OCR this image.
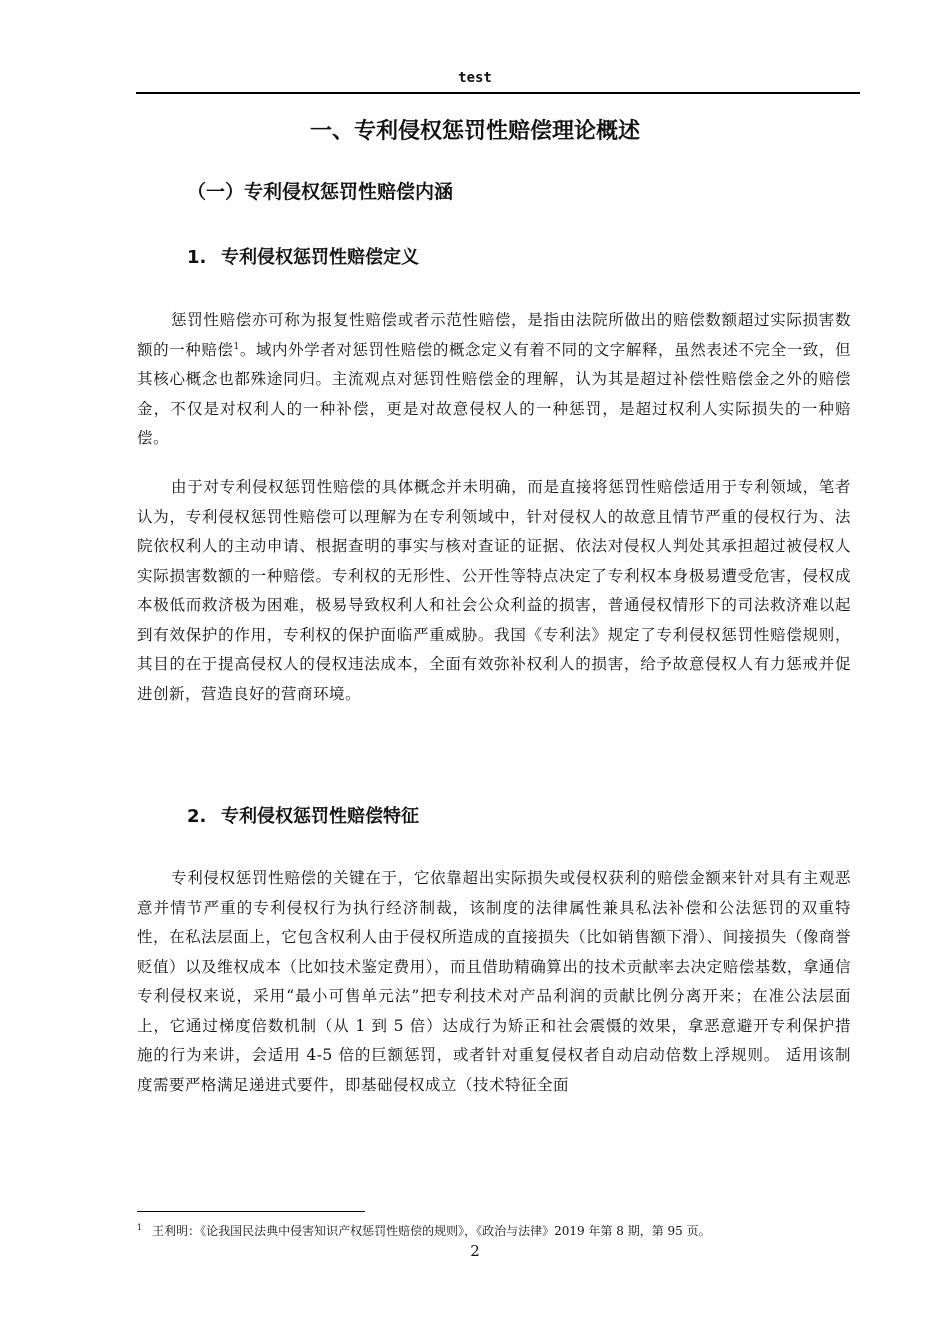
test
一、专利侵权惩罚性赔偿理论概述
（一）专利侵权惩罚性赔偿内涵
1. 专利侵权惩罚性赔偿定义

惩罚性赔偿亦可称为报复性赔偿或者示范性赔偿，是指由法院所做出的赔偿数额超过实际损害数额的一种赔偿$^1$。域内外学者对惩罚性赔偿的概念定义有着不同的文字解释，虽然表述不完全一致，但其核心概念也都殊途同归。主流观点对惩罚性赔偿金的理解，认为其是超过补偿性赔偿金之外的赔偿金，不仅是对权利人的一种补偿，更是对故意侵权人的一种惩罚，是超过权利人实际损失的一种赔偿。

由于对专利侵权惩罚性赔偿的具体概念并未明确，而是直接将惩罚性赔偿适用于专利领域，笔者认为，专利侵权惩罚性赔偿可以理解为在专利领域中，针对侵权人的故意且情节严重的侵权行为、法院依权利人的主动申请、根据查明的事实与核对查证的证据、依法对侵权人判处其承担超过被侵权人实际损害数额的一种赔偿。专利权的无形性、公开性等特点决定了专利权本身极易遭受危害，侵权成本极低而救济极为困难，极易导致权利人和社会公众利益的损害，普通侵权情形下的司法救济难以起到有效保护的作用，专利权的保护面临严重威胁。我国《专利法》规定了专利侵权惩罚性赔偿规则，其目的在于提高侵权人的侵权违法成本，全面有效弥补权利人的损害，给予故意侵权人有力惩戒并促进创新，营造良好的营商环境。

2. 专利侵权惩罚性赔偿特征

专利侵权惩罚性赔偿的关键在于，它依靠超出实际损失或侵权获利的赔偿金额来针对具有主观恶意并情节严重的专利侵权行为执行经济制裁，该制度的法律属性兼具私法补偿和公法惩罚的双重特性，在私法层面上，它包含权利人由于侵权所造成的直接损失（比如销售额下滑）、间接损失（像商誉贬值）以及维权成本（比如技术鉴定费用），而且借助精确算出的技术贡献率去决定赔偿基数，拿通信专利侵权来说，采用“最小可售单元法”把专利技术对产品利润的贡献比例分离开来；在准公法层面上，它通过梯度倍数机制（从 1 到 5 倍）达成行为矫正和社会震慑的效果，拿恶意避开专利保护措施的行为来讲，会适用 4-5 倍的巨额惩罚，或者针对重复侵权者自动启动倍数上浮规则。 适用该制度需要严格满足递进式要件，即基础侵权成立（技术特征全面

$^1$ 王利明：《论我国民法典中侵害知识产权惩罚性赔偿的规则》，《政治与法律》2019 年第 8 期，第 95 页。
2
